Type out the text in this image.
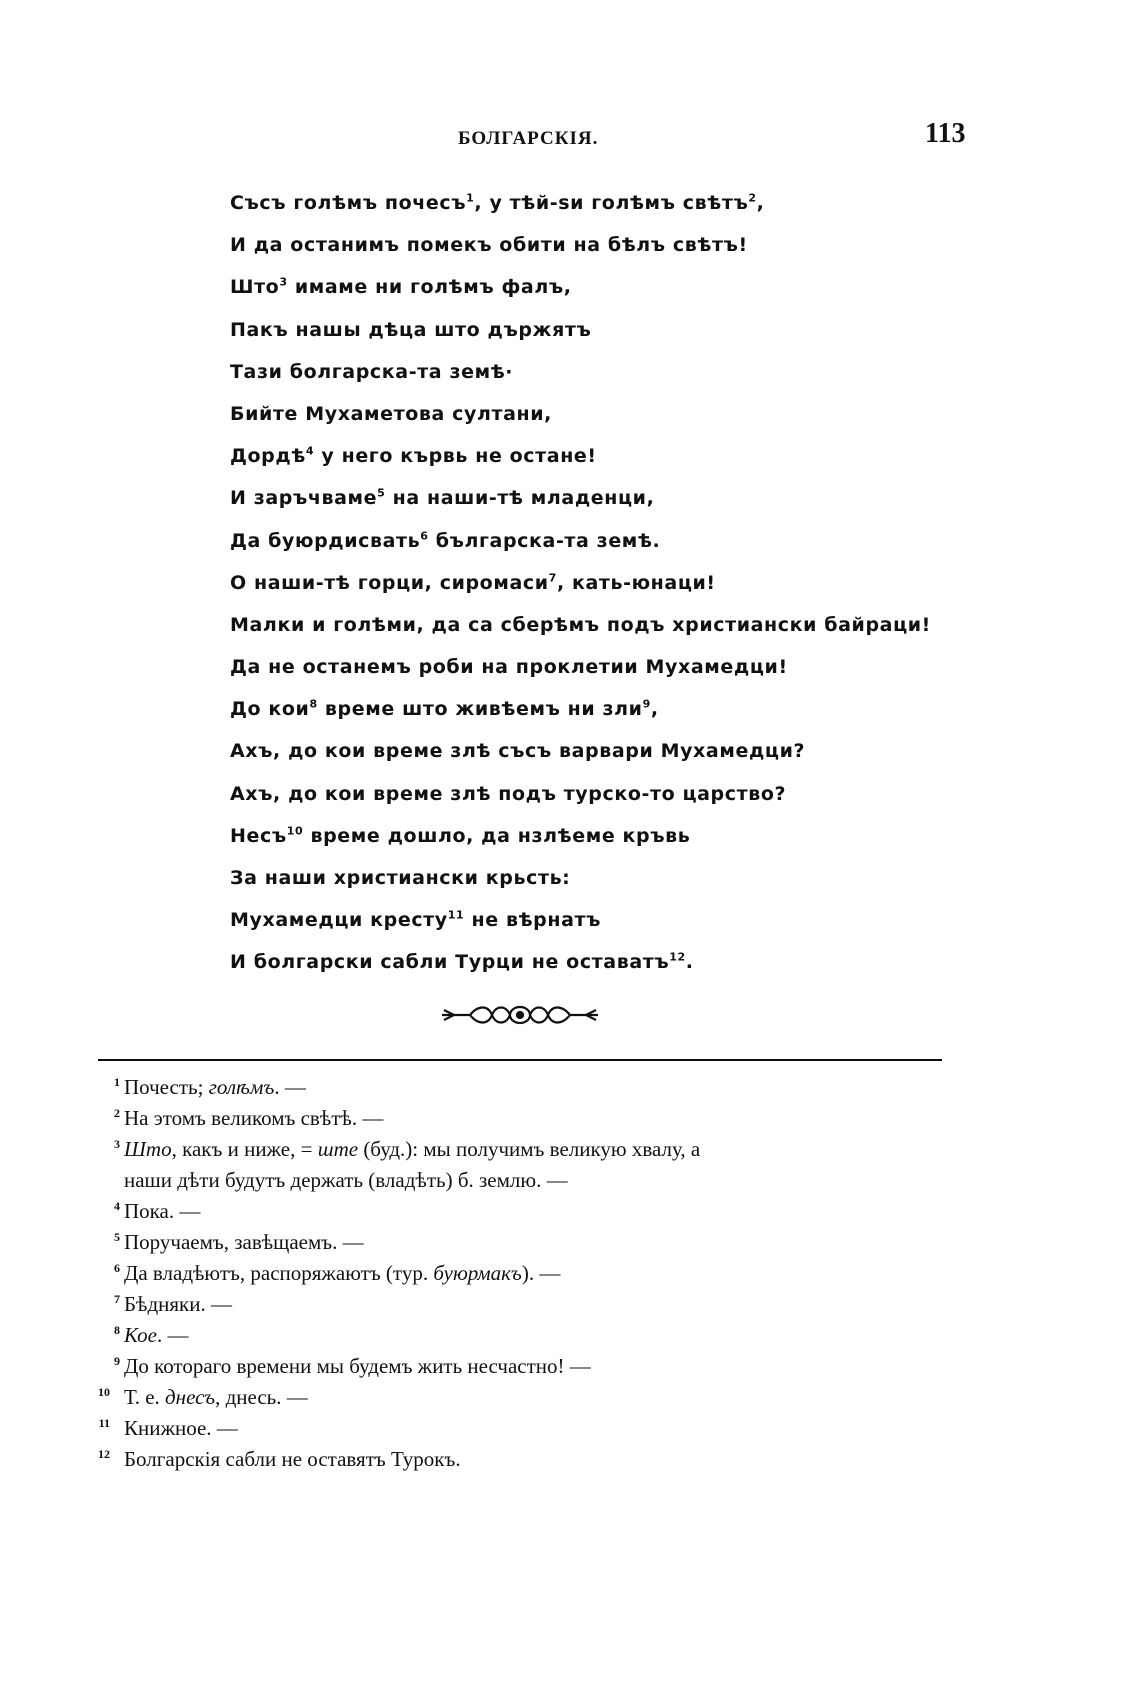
БОЛГАРСКІЯ.	113
Съсъ голѣмъ почесъ$^1$, у тѣй-ѕи голѣмъ свѣтъ$^2$,
И да останимъ помекъ обити на бѣлъ свѣтъ!
Што$^3$ имаме ни голѣмъ фалъ,
Пакъ нашы дѣца што държятъ
Тази болгарска-та земѣ·
Бийте Мухаметова султани,
Дордѣ$^4$ у него кървь не остане!
И заръчваме$^5$ на наши-тѣ младенци,
Да буюрдисвать$^6$ българска-та земѣ.
О наши-тѣ горци, сиромаси$^7$, кать-юнаци!
Малки и голѣми, да са сберѣмъ подъ христиански байраци!
Да не останемъ роби на проклетии Мухамедци!
До кои$^8$ време што живѣемъ ни зли$^9$,
Ахъ, до кои време злѣ съсъ варвари Мухамедци?
Ахъ, до кои време злѣ подъ турско-то царство?
Несъ$^{10}$ време дошло, да нзлѣеме кръвь
За наши христиански крьсть:
Мухамедци кресту$^{11}$ не вѣрнатъ
И болгарски сабли Турци не оставатъ$^{12}$.
1 Почесть; голѣмъ. —
2 На этомъ великомъ свѣтѣ. —
3 Што, какъ и ниже, = ште (буд.): мы получимъ великую хвалу, а
наши дѣти будутъ держать (владѣть) б. землю. —
4 Пока. —
5 Поручаемъ, завѣщаемъ. —
6 Да владѣютъ, распоряжаютъ (тур. буюрмакъ). —
7 Бѣдняки. —
8 Кое. —
9 До котораго времени мы будемъ жить несчастно! —
10 Т. е. днесъ, днесь. —
11 Книжное. —
12 Болгарскія сабли не оставятъ Турокъ.
